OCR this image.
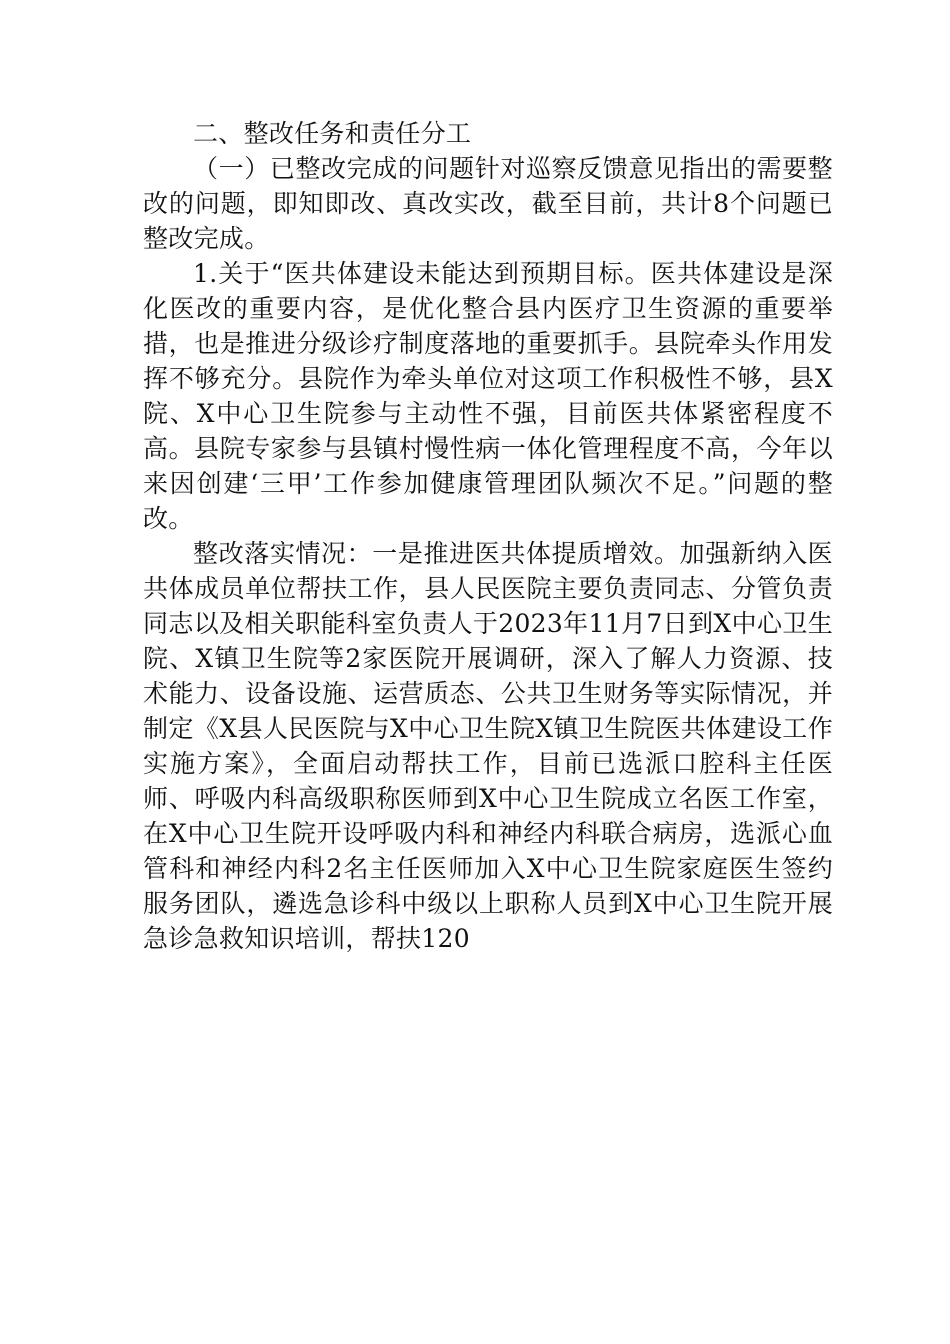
二、整改任务和责任分工

（一）已整改完成的问题针对巡察反馈意见指出的需要整改的问题，即知即改、真改实改，截至目前，共计8个问题已整改完成。

1.关于“医共体建设未能达到预期目标。医共体建设是深化医改的重要内容，是优化整合县内医疗卫生资源的重要举措，也是推进分级诊疗制度落地的重要抓手。县院牵头作用发挥不够充分。县院作为牵头单位对这项工作积极性不够，县X院、X中心卫生院参与主动性不强，目前医共体紧密程度不高。县院专家参与县镇村慢性病一体化管理程度不高，今年以来因创建‘三甲’工作参加健康管理团队频次不足。”问题的整改。

整改落实情况：一是推进医共体提质增效。加强新纳入医共体成员单位帮扶工作，县人民医院主要负责同志、分管负责同志以及相关职能科室负责人于2023年11月7日到X中心卫生院、X镇卫生院等2家医院开展调研，深入了解人力资源、技术能力、设备设施、运营质态、公共卫生财务等实际情况，并制定《X县人民医院与X中心卫生院X镇卫生院医共体建设工作实施方案》，全面启动帮扶工作，目前已选派口腔科主任医师、呼吸内科高级职称医师到X中心卫生院成立名医工作室，在X中心卫生院开设呼吸内科和神经内科联合病房，选派心血管科和神经内科2名主任医师加入X中心卫生院家庭医生签约服务团队，遴选急诊科中级以上职称人员到X中心卫生院开展急诊急救知识培训，帮扶120
